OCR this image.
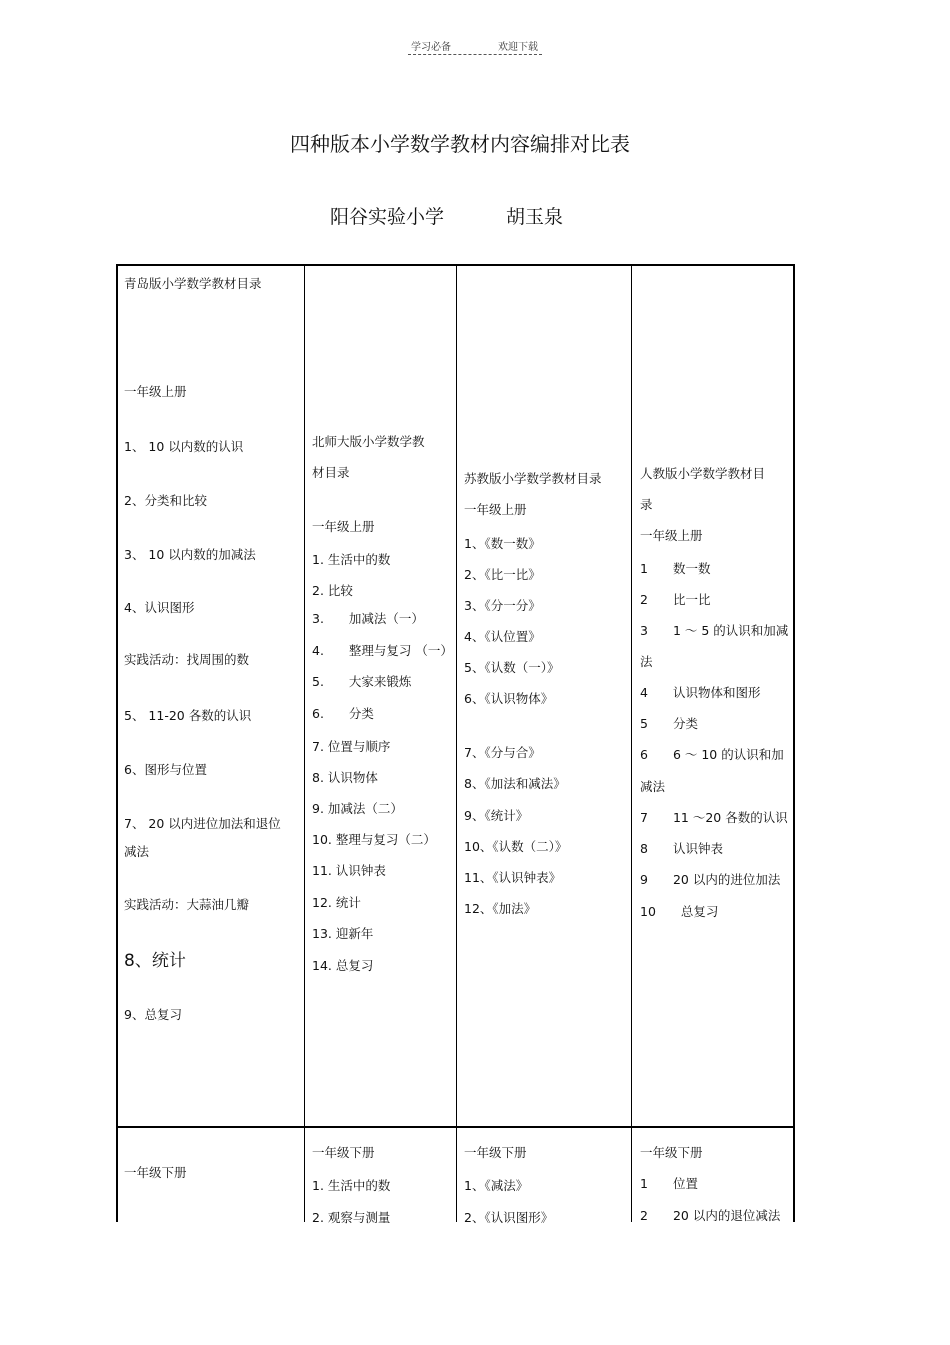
学习必备	欢迎下载
四种版本小学数学教材内容编排对比表
阳谷实验小学	胡玉泉
青岛版小学数学教材目录
一年级上册
1、 10 以内数的认识
2、分类和比较
3、 10 以内数的加减法
4、认识图形
实践活动：找周围的数
5、 11-20 各数的认识
6、图形与位置
7、 20 以内进位加法和退位
减法
实践活动：大蒜油几瓣
8、统计
9、总复习
一年级下册
北师大版小学数学教
材目录
一年级上册
1. 生活中的数
2. 比较
3.　　加减法（一）
4.　　整理与复习 （一）
5.　　大家来锻炼
6.　　分类
7. 位置与顺序
8. 认识物体
9. 加减法（二）
10. 整理与复习（二）
11. 认识钟表
12. 统计
13. 迎新年
14. 总复习
一年级下册
1. 生活中的数
2. 观察与测量
苏教版小学数学教材目录
一年级上册
1、《数一数》
2、《比一比》
3、《分一分》
4、《认位置》
5、《认数（一）》
6、《认识物体》
7、《分与合》
8、《加法和减法》
9、《统计》
10、《认数（二）》
11、《认识钟表》
12、《加法》
一年级下册
1、《减法》
2、《认识图形》
人教版小学数学教材目
录
一年级上册
1　　数一数
2　　比一比
3　　1 ～ 5 的认识和加减
法
4　　认识物体和图形
5　　分类
6　　6 ～ 10 的认识和加
减法
7　　11 ～20 各数的认识
8　　认识钟表
9　　20 以内的进位加法
10　　总复习
一年级下册
1　　位置
2　　20 以内的退位减法
